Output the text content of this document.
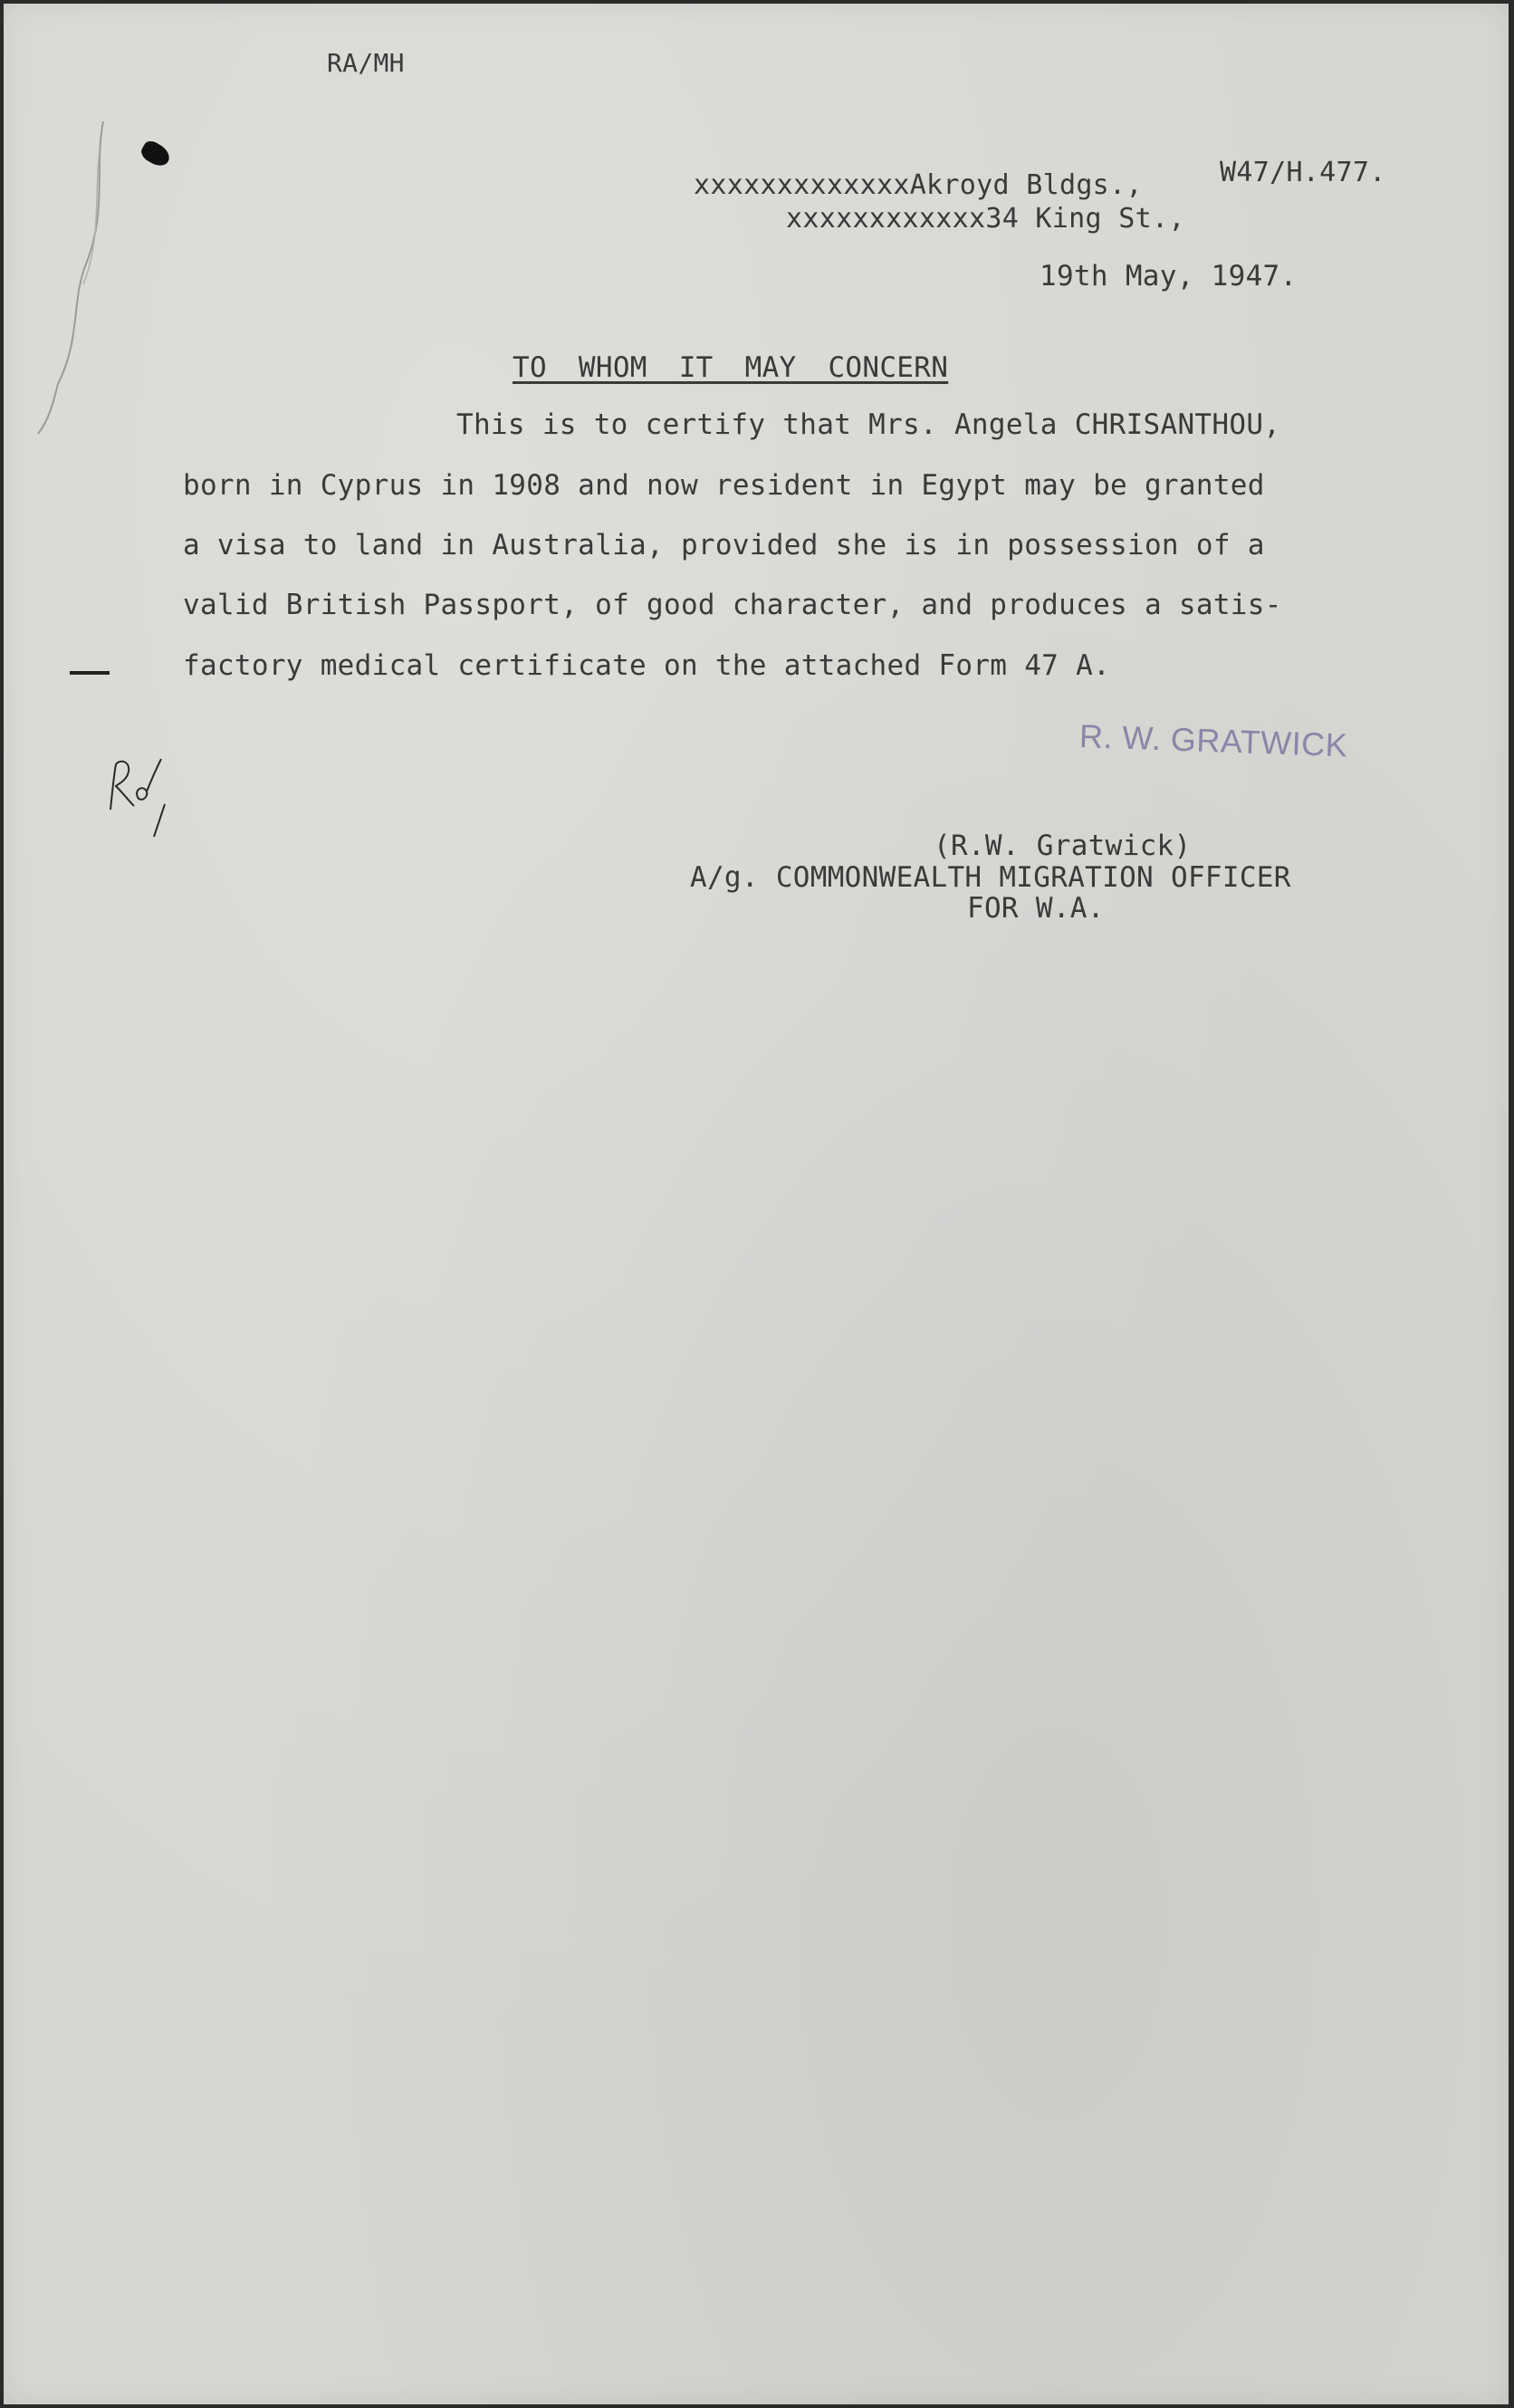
RA/MH
W47/H.477.
xxxxxxxxxxxxxAkroyd Bldgs.,
xxxxxxxxxxxx34 King St.,
19th May, 1947.
TO WHOM IT MAY CONCERN
This is to certify that Mrs. Angela CHRISANTHOU,
born in Cyprus in 1908 and now resident in Egypt may be granted
a visa to land in Australia, provided she is in possession of a
valid British Passport, of good character, and produces a satis-
factory medical certificate on the attached Form 47 A.
R. W. GRATWICK
(R.W. Gratwick)
A/g. COMMONWEALTH MIGRATION OFFICER
FOR W.A.
